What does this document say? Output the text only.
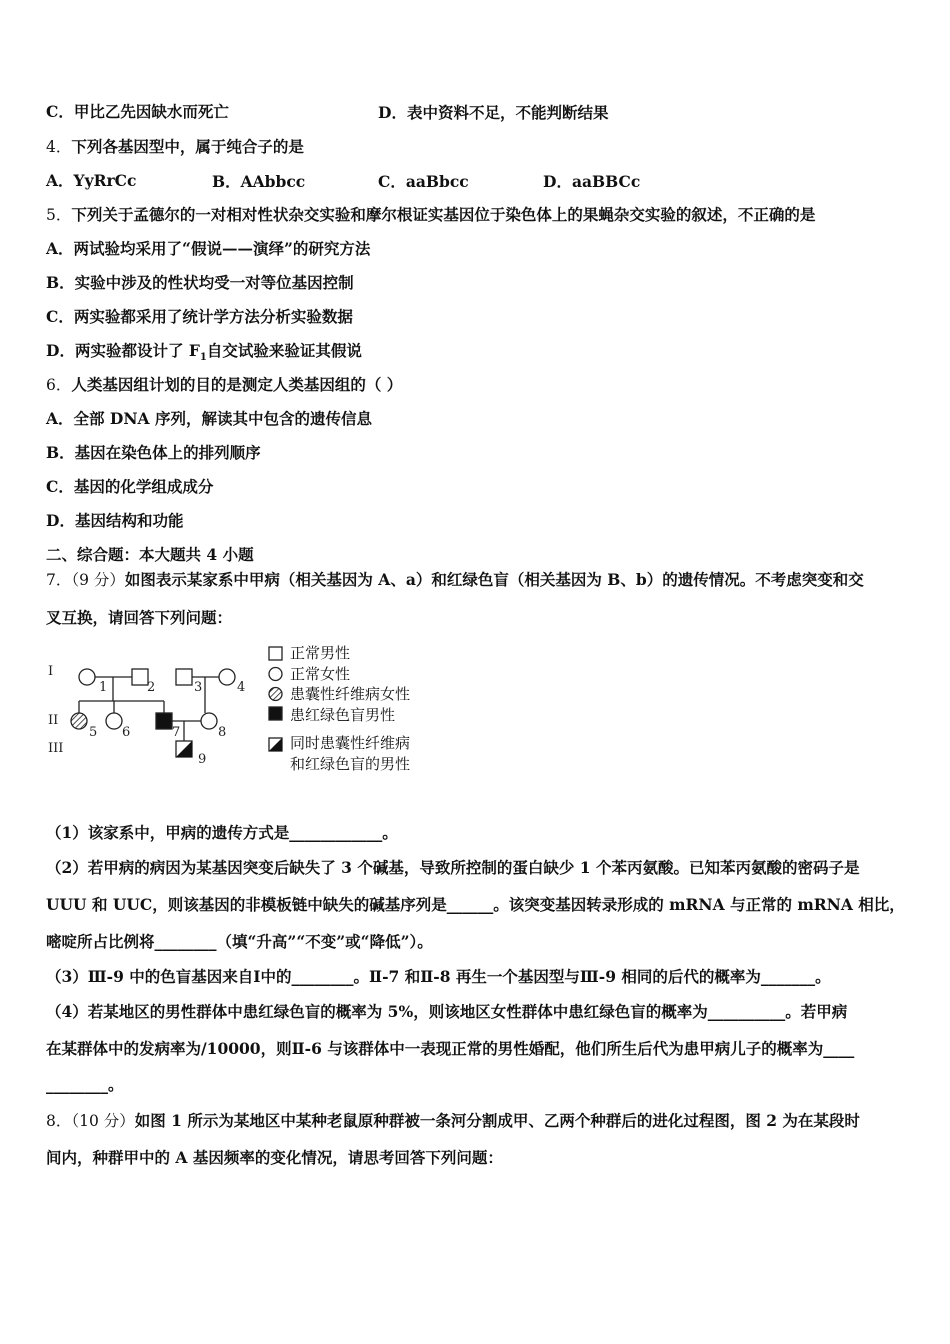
C．甲比乙先因缺水而死亡	D．表中资料不足，不能判断结果
4．下列各基因型中，属于纯合子的是
A．YyRrCc	B．AAbbcc	C．aaBbcc	D．aaBBCc
5．下列关于孟德尔的一对相对性状杂交实验和摩尔根证实基因位于染色体上的果蝇杂交实验的叙述，不正确的是
A．两试验均采用了“假说——演绎”的研究方法
B．实验中涉及的性状均受一对等位基因控制
C．两实验都采用了统计学方法分析实验数据
D．两实验都设计了 $F_1$自交试验来验证其假说
6．人类基因组计划的目的是测定人类基因组的（ ）
A．全部 DNA 序列，解读其中包含的遗传信息
B．基因在染色体上的排列顺序
C．基因的化学组成成分
D．基因结构和功能
二、综合题：本大题共 4 小题
7．（9 分）如图表示某家系中甲病（相关基因为 A、a）和红绿色盲（相关基因为 B、b）的遗传情况。不考虑突变和交
叉互换，请回答下列问题：
I
II
III
1	2	3	4
5 6	7	8
9
正常男性
正常女性
患囊性纤维病女性
患红绿色盲男性
同时患囊性纤维病
和红绿色盲的男性
（1）该家系中，甲病的遗传方式是____________。
（2）若甲病的病因为某基因突变后缺失了 3 个碱基，导致所控制的蛋白缺少 1 个苯丙氨酸。已知苯丙氨酸的密码子是
UUU 和 UUC，则该基因的非模板链中缺失的碱基序列是______。该突变基因转录形成的 mRNA 与正常的 mRNA 相比，
嘧啶所占比例将________（填“升高”“不变”或“降低”）。
（3）Ⅲ-9 中的色盲基因来自Ⅰ中的________。Ⅱ-7 和Ⅱ-8 再生一个基因型与Ⅲ-9 相同的后代的概率为_______。
（4）若某地区的男性群体中患红绿色盲的概率为 5%，则该地区女性群体中患红绿色盲的概率为__________。若甲病
在某群体中的发病率为/10000，则Ⅱ-6 与该群体中一表现正常的男性婚配，他们所生后代为患甲病儿子的概率为____
________。
8．（10 分）如图 1 所示为某地区中某种老鼠原种群被一条河分割成甲、乙两个种群后的进化过程图，图 2 为在某段时
间内，种群甲中的 A 基因频率的变化情况，请思考回答下列问题：
